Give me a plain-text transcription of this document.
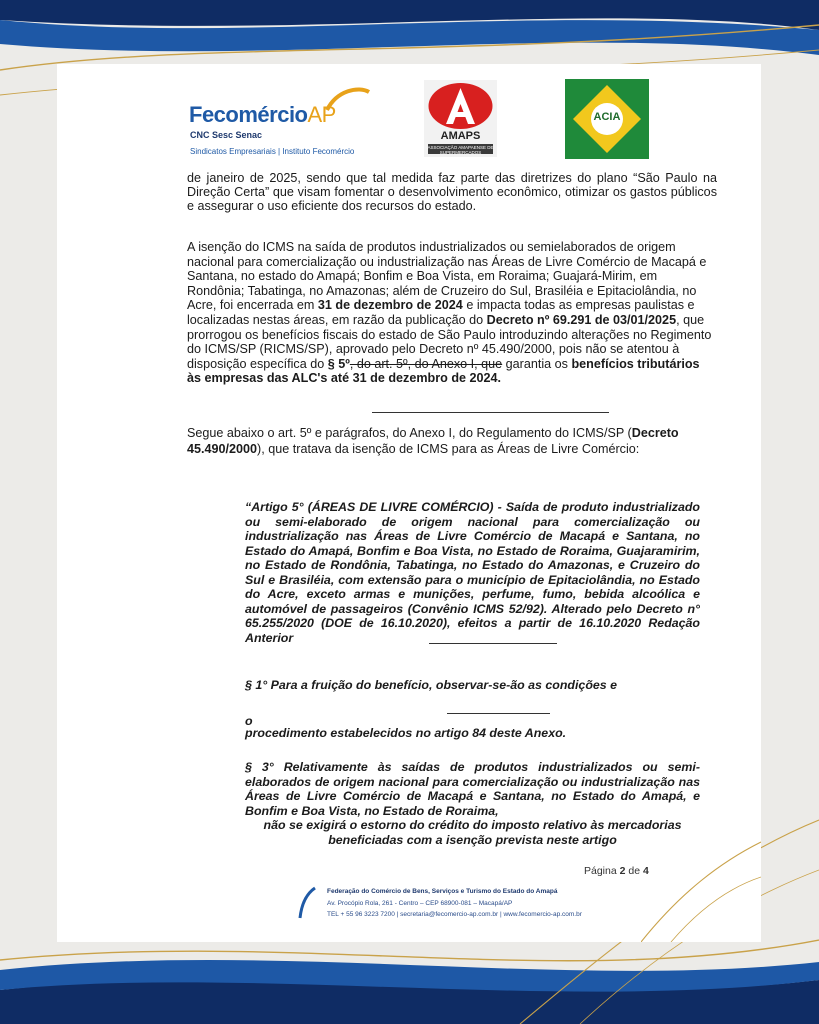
FecomércioAP
CNC Sesc Senac
Sindicatos Empresariais | Instituto Fecomércio
AMAPS
ASSOCIAÇÃO AMAPAENSE DE SUPERMERCADOS
ACIA

de janeiro de 2025, sendo que tal medida faz parte das diretrizes do plano “São Paulo na Direção Certa” que visam fomentar o desenvolvimento econômico, otimizar os gastos públicos e assegurar o uso eficiente dos recursos do estado.

A isenção do ICMS na saída de produtos industrializados ou semielaborados de origem nacional para comercialização ou industrialização nas Áreas de Livre Comércio de Macapá e Santana, no estado do Amapá; Bonfim e Boa Vista, em Roraima; Guajará-Mirim, em Rondônia; Tabatinga, no Amazonas; além de Cruzeiro do Sul, Brasiléia e Epitaciolândia, no Acre, foi encerrada em 31 de dezembro de 2024 e impacta todas as empresas paulistas e localizadas nestas áreas, em razão da publicação do Decreto nº 69.291 de 03/01/2025, que prorrogou os benefícios fiscais do estado de São Paulo introduzindo alterações no Regimento do ICMS/SP (RICMS/SP), aprovado pelo Decreto nº 45.490/2000, pois não se atentou à disposição específica do § 5º, do art. 5º, do Anexo I, que garantia os benefícios tributários às empresas das ALC's até 31 de dezembro de 2024.

Segue abaixo o art. 5º e parágrafos, do Anexo I, do Regulamento do ICMS/SP (Decreto 45.490/2000), que tratava da isenção de ICMS para as Áreas de Livre Comércio:

“Artigo 5° (ÁREAS DE LIVRE COMÉRCIO) - Saída de produto industrializado ou semi-elaborado de origem nacional para comercialização ou industrialização nas Áreas de Livre Comércio de Macapá e Santana, no Estado do Amapá, Bonfim e Boa Vista, no Estado de Roraima, Guajaramirim, no Estado de Rondônia, Tabatinga, no Estado do Amazonas, e Cruzeiro do Sul e Brasiléia, com extensão para o município de Epitaciolândia, no Estado do Acre, exceto armas e munições, perfume, fumo, bebida alcoólica e automóvel de passageiros (Convênio ICMS 52/92). Alterado pelo Decreto n° 65.255/2020 (DOE de 16.10.2020), efeitos a partir de 16.10.2020 Redação Anterior

§ 1° Para a fruição do benefício, observar-se-ão as condições e

o

procedimento estabelecidos no artigo 84 deste Anexo.

§ 3° Relativamente às saídas de produtos industrializados ou semi-elaborados de origem nacional para comercialização ou industrialização nas Áreas de Livre Comércio de Macapá e Santana, no Estado do Amapá, e Bonfim e Boa Vista, no Estado de Roraima,
não se exigirá o estorno do crédito do imposto relativo às mercadorias beneficiadas com a isenção prevista neste artigo

Página 2 de 4
Federação do Comércio de Bens, Serviços e Turismo do Estado do Amapá
Av. Procópio Rola, 261 - Centro – CEP 68900-081 – Macapá/AP
TEL + 55 96 3223 7200 | secretaria@fecomercio-ap.com.br | www.fecomercio-ap.com.br
